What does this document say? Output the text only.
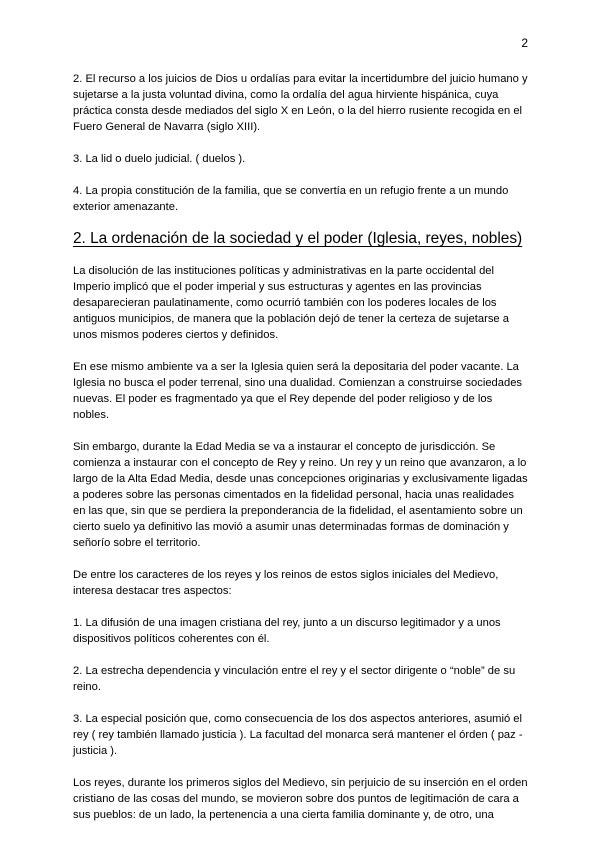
2

2. El recurso a los juicios de Dios u ordalías para evitar la incertidumbre del juicio humano y sujetarse a la justa voluntad divina, como la ordalía del agua hirviente hispánica, cuya práctica consta desde mediados del siglo X en León, o la del hierro rusiente recogida en el Fuero General de Navarra (siglo XIII).

3. La lid o duelo judicial. ( duelos ).

4. La propia constitución de la familia, que se convertía en un refugio frente a un mundo exterior amenazante.

2. La ordenación de la sociedad y el poder (Iglesia, reyes, nobles)

La disolución de las instituciones políticas y administrativas en la parte occidental del Imperio implicó que el poder imperial y sus estructuras y agentes en las provincias desaparecieran paulatinamente, como ocurrió también con los poderes locales de los antiguos municipios, de manera que la población dejó de tener la certeza de sujetarse a unos mismos poderes ciertos y definidos.

En ese mismo ambiente va a ser la Iglesia quien será la depositaria del poder vacante. La Iglesia no busca el poder terrenal, sino una dualidad. Comienzan a construirse sociedades nuevas. El poder es fragmentado ya que el Rey depende del poder religioso y de los nobles.

Sin embargo, durante la Edad Media se va a instaurar el concepto de jurisdicción. Se comienza a instaurar con el concepto de Rey y reino. Un rey y un reino que avanzaron, a lo largo de la Alta Edad Media, desde unas concepciones originarias y exclusivamente ligadas a poderes sobre las personas cimentados en la fidelidad personal, hacia unas realidades en las que, sin que se perdiera la preponderancia de la fidelidad, el asentamiento sobre un cierto suelo ya definitivo las movió a asumir unas determinadas formas de dominación y señorío sobre el territorio.

De entre los caracteres de los reyes y los reinos de estos siglos iniciales del Medievo, interesa destacar tres aspectos:

1. La difusión de una imagen cristiana del rey, junto a un discurso legitimador y a unos dispositivos políticos coherentes con él.

2. La estrecha dependencia y vinculación entre el rey y el sector dirigente o “noble” de su reino.

3. La especial posición que, como consecuencia de los dos aspectos anteriores, asumió el rey ( rey también llamado justicia ). La facultad del monarca será mantener el órden ( paz - justicia ).

Los reyes, durante los primeros siglos del Medievo, sin perjuicio de su inserción en el orden cristiano de las cosas del mundo, se movieron sobre dos puntos de legitimación de cara a sus pueblos: de un lado, la pertenencia a una cierta familia dominante y, de otro, una
